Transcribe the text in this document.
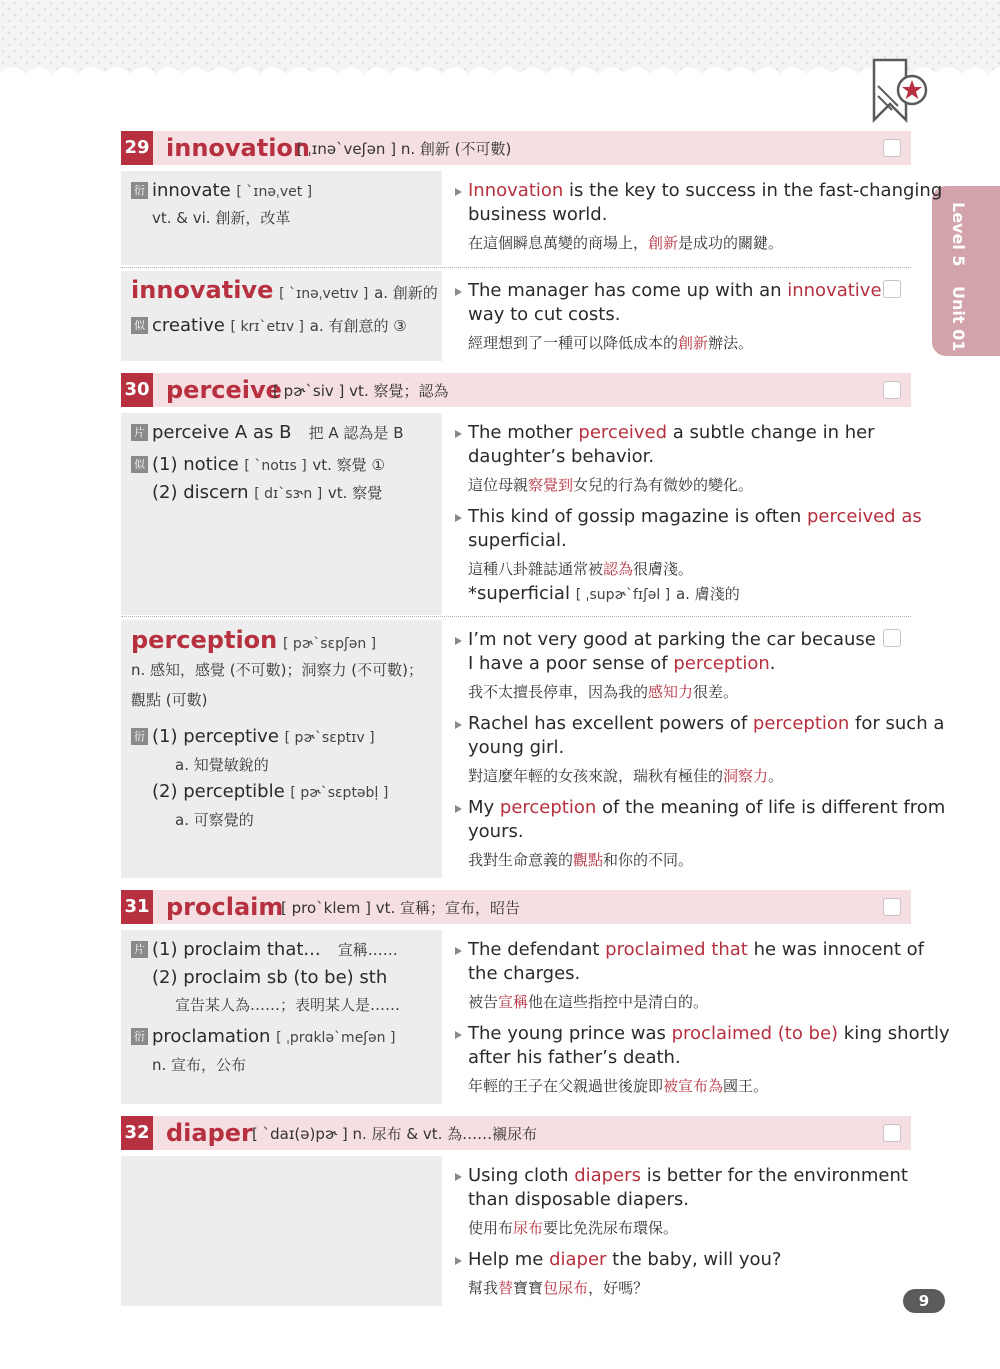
Level 5
Unit 01
29 innovation
[ ˌɪnəˋveʃən ] n. 創新 (不可數)
衍 innovate [ ˋɪnəˌvet ]
vt. & vi. 創新，改革
Innovation is the key to success in the fast-changing
business world.
在這個瞬息萬變的商場上，創新是成功的關鍵。
innovative [ ˋɪnəˌvetɪv ] a. 創新的
似 creative [ krɪˋetɪv ] a. 有創意的 ③
The manager has come up with an innovative
way to cut costs.
經理想到了一種可以降低成本的創新辦法。
30 perceive
[ pɚˋsiv ] vt. 察覺；認為
片 perceive A as B 把 A 認為是 B
似 (1) notice [ ˋnotɪs ] vt. 察覺 ①
(2) discern [ dɪˋsɝn ] vt. 察覺
The mother perceived a subtle change in her
daughter’s behavior.
這位母親察覺到女兒的行為有微妙的變化。
This kind of gossip magazine is often perceived as
superficial.
這種八卦雜誌通常被認為很膚淺。
*superficial [ ˌsupɚˋfɪʃəl ] a. 膚淺的
perception [ pɚˋsɛpʃən ]
n. 感知，感覺 (不可數)；洞察力 (不可數)；
觀點 (可數)
衍 (1) perceptive [ pɚˋsɛptɪv ]
a. 知覺敏銳的
(2) perceptible [ pɚˋsɛptəbḷ ]
a. 可察覺的
I’m not very good at parking the car because
I have a poor sense of perception.
我不太擅長停車，因為我的感知力很差。
Rachel has excellent powers of perception for such a
young girl.
對這麼年輕的女孩來說，瑞秋有極佳的洞察力。
My perception of the meaning of life is different from
yours.
我對生命意義的觀點和你的不同。
31 proclaim
[ proˋklem ] vt. 宣稱；宣布，昭告
片 (1) proclaim that... 宣稱……
(2) proclaim sb (to be) sth
宣告某人為……；表明某人是……
衍 proclamation [ ˌprɑkləˋmeʃən ]
n. 宣布，公布
The defendant proclaimed that he was innocent of
the charges.
被告宣稱他在這些指控中是清白的。
The young prince was proclaimed (to be) king shortly
after his father’s death.
年輕的王子在父親過世後旋即被宣布為國王。
32 diaper [ ˋdaɪ(ə)pɚ ] n. 尿布 & vt. 為……襯尿布
Using cloth diapers is better for the environment
than disposable diapers.
使用布尿布要比免洗尿布環保。
Help me diaper the baby, will you?
幫我替寶寶包尿布，好嗎？
9
